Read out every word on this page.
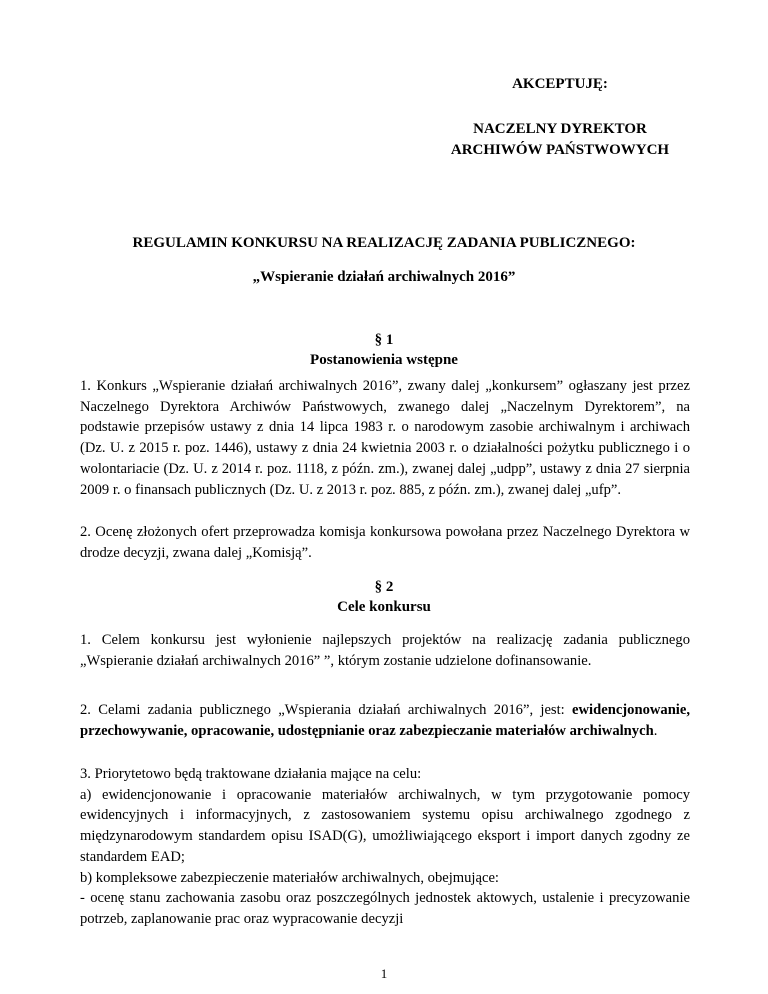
AKCEPTUJĘ:
NACZELNY DYREKTOR
ARCHIWÓW PAŃSTWOWYCH
REGULAMIN KONKURSU NA REALIZACJĘ ZADANIA PUBLICZNEGO:
„Wspieranie działań archiwalnych 2016”
§ 1
Postanowienia wstępne

1. Konkurs „Wspieranie działań archiwalnych 2016”, zwany dalej „konkursem” ogłaszany jest przez Naczelnego Dyrektora Archiwów Państwowych, zwanego dalej „Naczelnym Dyrektorem”, na podstawie przepisów ustawy z dnia 14 lipca 1983 r. o narodowym zasobie archiwalnym i archiwach (Dz. U. z 2015 r. poz. 1446), ustawy z dnia 24 kwietnia 2003 r. o działalności pożytku publicznego i o wolontariacie (Dz. U. z 2014 r. poz. 1118, z późn. zm.), zwanej dalej „udpp”, ustawy z dnia 27 sierpnia 2009 r. o finansach publicznych (Dz. U. z 2013 r. poz. 885, z późn. zm.), zwanej dalej „ufp”.

2. Ocenę złożonych ofert przeprowadza komisja konkursowa powołana przez Naczelnego Dyrektora w drodze decyzji, zwana dalej „Komisją”.

§ 2
Cele konkursu

1. Celem konkursu jest wyłonienie najlepszych projektów na realizację zadania publicznego „Wspieranie działań archiwalnych 2016” ”, którym zostanie udzielone dofinansowanie.

2. Celami zadania publicznego „Wspierania działań archiwalnych 2016”, jest: ewidencjonowanie, przechowywanie, opracowanie, udostępnianie oraz zabezpieczanie materiałów archiwalnych.

3. Priorytetowo będą traktowane działania mające na celu:
a) ewidencjonowanie i opracowanie materiałów archiwalnych, w tym przygotowanie pomocy ewidencyjnych i informacyjnych, z zastosowaniem systemu opisu archiwalnego zgodnego z międzynarodowym standardem opisu ISAD(G), umożliwiającego eksport i import danych zgodny ze standardem EAD;
b) kompleksowe zabezpieczenie materiałów archiwalnych, obejmujące:
- ocenę stanu zachowania zasobu oraz poszczególnych jednostek aktowych, ustalenie i precyzowanie potrzeb, zaplanowanie prac oraz wypracowanie decyzji
1
